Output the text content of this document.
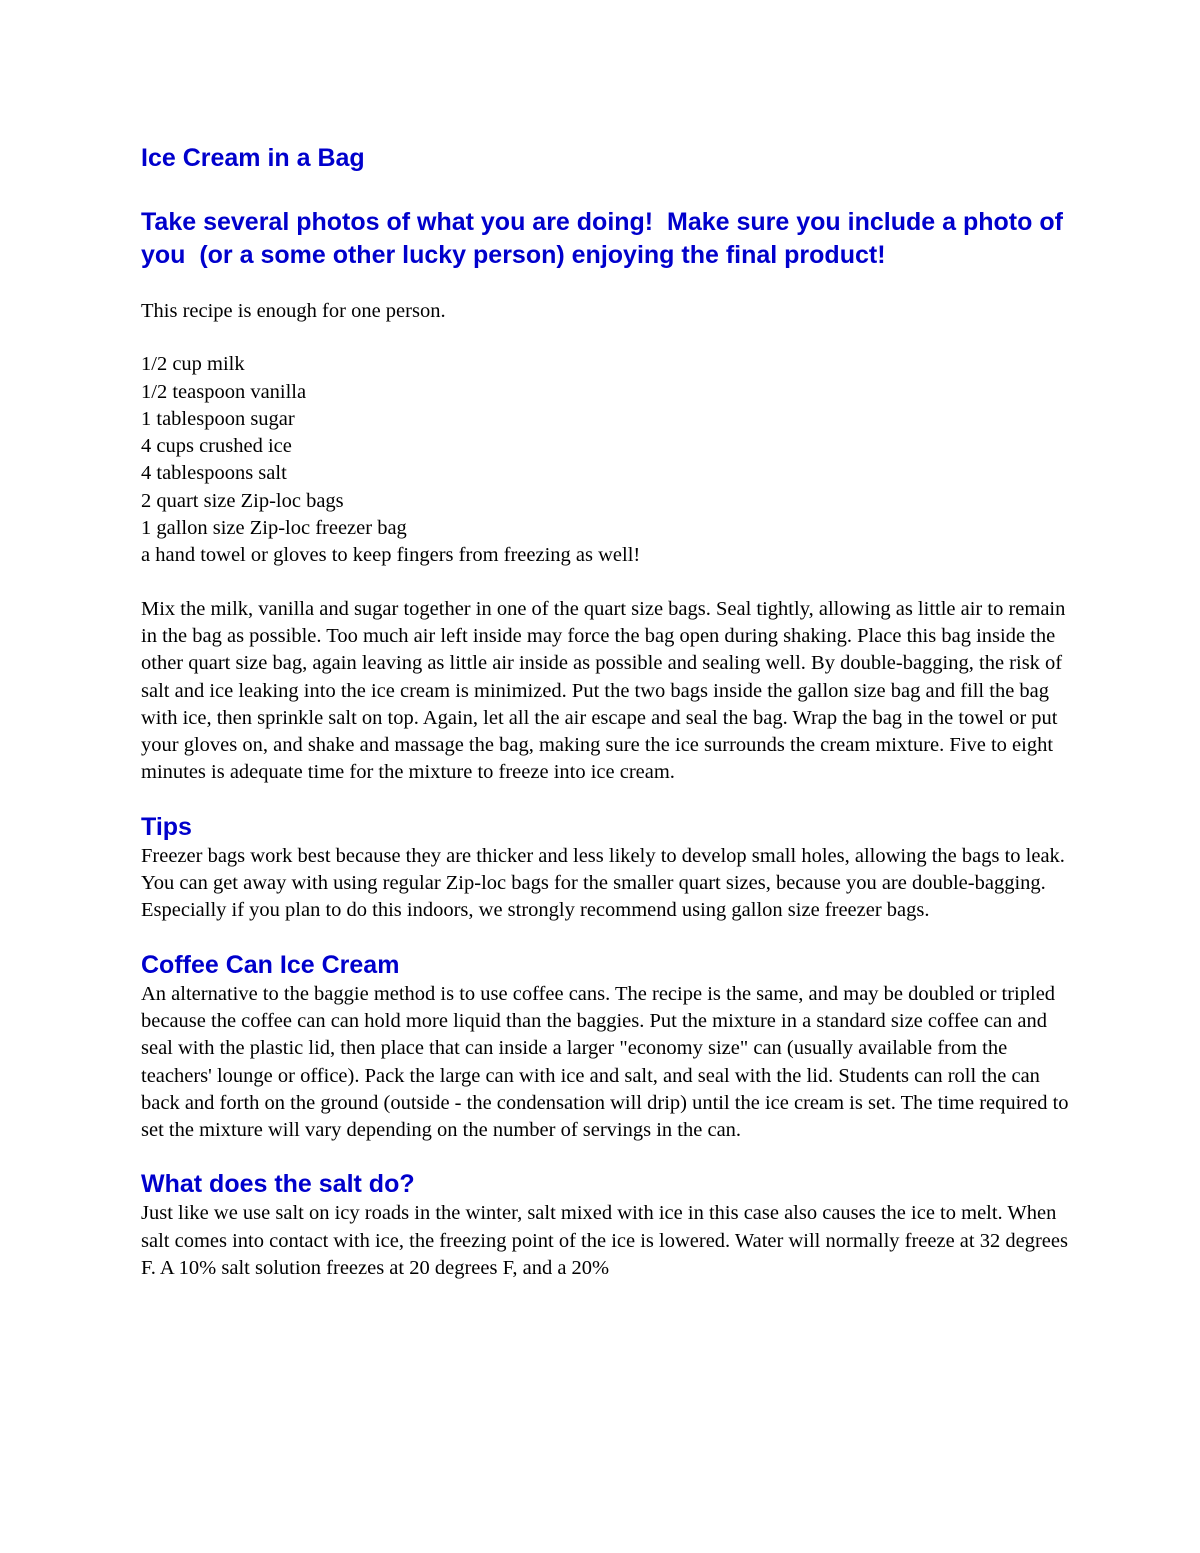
Ice Cream in a Bag

Take several photos of what you are doing!  Make sure you include a photo of you  (or a some other lucky person) enjoying the final product!

This recipe is enough for one person.

1/2 cup milk
1/2 teaspoon vanilla
1 tablespoon sugar
4 cups crushed ice
4 tablespoons salt
2 quart size Zip-loc bags
1 gallon size Zip-loc freezer bag
a hand towel or gloves to keep fingers from freezing as well!

Mix the milk, vanilla and sugar together in one of the quart size bags. Seal tightly, allowing as little air to remain in the bag as possible. Too much air left inside may force the bag open during shaking. Place this bag inside the other quart size bag, again leaving as little air inside as possible and sealing well. By double-bagging, the risk of salt and ice leaking into the ice cream is minimized. Put the two bags inside the gallon size bag and fill the bag with ice, then sprinkle salt on top. Again, let all the air escape and seal the bag. Wrap the bag in the towel or put your gloves on, and shake and massage the bag, making sure the ice surrounds the cream mixture. Five to eight minutes is adequate time for the mixture to freeze into ice cream.

Tips

Freezer bags work best because they are thicker and less likely to develop small holes, allowing the bags to leak. You can get away with using regular Zip-loc bags for the smaller quart sizes, because you are double-bagging. Especially if you plan to do this indoors, we strongly recommend using gallon size freezer bags.

Coffee Can Ice Cream

An alternative to the baggie method is to use coffee cans. The recipe is the same, and may be doubled or tripled because the coffee can can hold more liquid than the baggies. Put the mixture in a standard size coffee can and seal with the plastic lid, then place that can inside a larger "economy size" can (usually available from the teachers' lounge or office). Pack the large can with ice and salt, and seal with the lid. Students can roll the can back and forth on the ground (outside - the condensation will drip) until the ice cream is set. The time required to set the mixture will vary depending on the number of servings in the can.

What does the salt do?

Just like we use salt on icy roads in the winter, salt mixed with ice in this case also causes the ice to melt. When salt comes into contact with ice, the freezing point of the ice is lowered. Water will normally freeze at 32 degrees F. A 10% salt solution freezes at 20 degrees F, and a 20%
